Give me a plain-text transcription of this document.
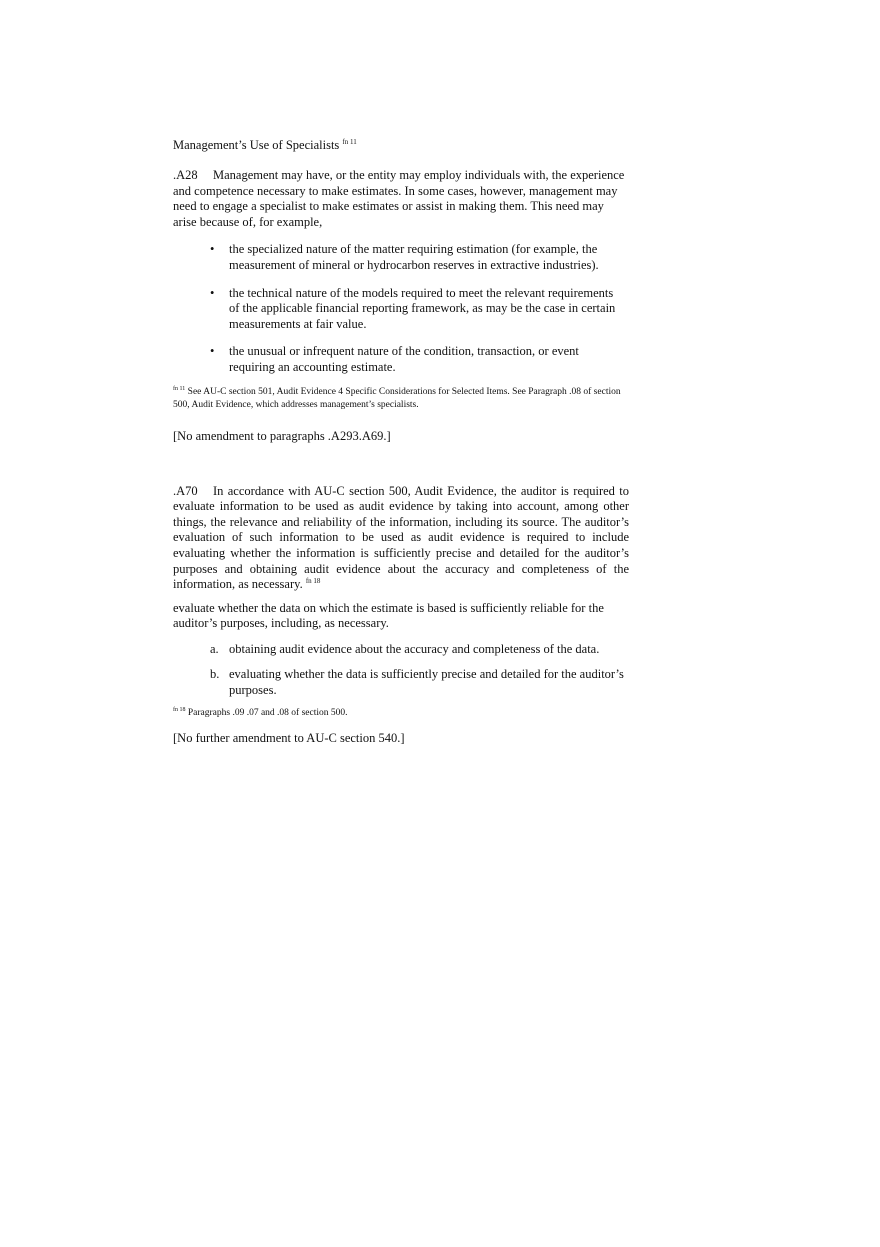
Management’s Use of Specialists $^{fn 11}$

.A28 Management may have, or the entity may employ individuals with, the experience and competence necessary to make estimates. In some cases, however, management may need to engage a specialist to make estimates or assist in making them. This need may arise because of, for example,

• the specialized nature of the matter requiring estimation (for example, the measurement of mineral or hydrocarbon reserves in extractive industries).
• the technical nature of the models required to meet the relevant requirements of the applicable financial reporting framework, as may be the case in certain measurements at fair value.
• the unusual or infrequent nature of the condition, transaction, or event requiring an accounting estimate.

$^{fn 11}$ See AU-C section 501, Audit Evidence 4 Specific Considerations for Selected Items. See Paragraph .08 of section 500, Audit Evidence, which addresses management’s specialists.

[No amendment to paragraphs .A293.A69.]

.A70 In accordance with AU-C section 500, Audit Evidence, the auditor is required to evaluate information to be used as audit evidence by taking into account, among other things, the relevance and reliability of the information, including its source. The auditor’s evaluation of such information to be used as audit evidence is required to include evaluating whether the information is sufficiently precise and detailed for the auditor’s purposes and obtaining audit evidence about the accuracy and completeness of the information, as necessary. $^{fn 18}$

evaluate whether the data on which the estimate is based is sufficiently reliable for the auditor’s purposes, including, as necessary.

a. obtaining audit evidence about the accuracy and completeness of the data.
b. evaluating whether the data is sufficiently precise and detailed for the auditor’s purposes.

$^{fn 18}$ Paragraphs .09 .07 and .08 of section 500.

[No further amendment to AU-C section 540.]
